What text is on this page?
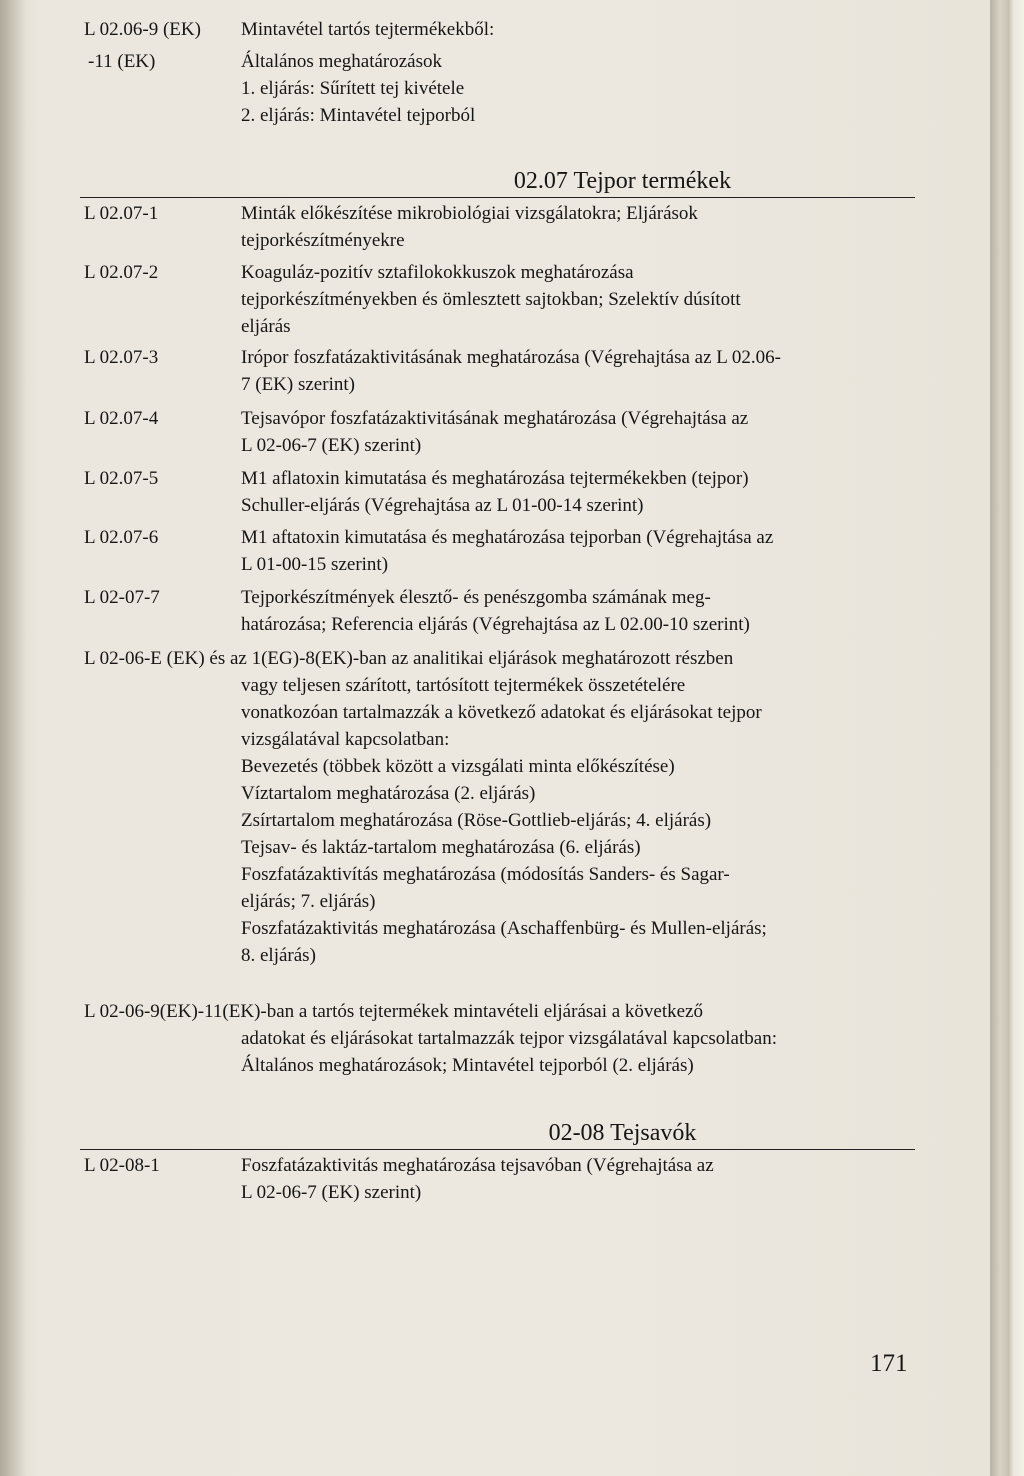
L 02.06-9 (EK) Mintavétel tartós tejtermékekből:
-11 (EK)	Általános meghatározások
1. eljárás: Sűrített tej kivétele
2. eljárás: Mintavétel tejporból
02.07 Tejpor termékek
L 02.07-1	Minták előkészítése mikrobiológiai vizsgálatokra; Eljárások
tejporkészítményekre
L 02.07-2	Koaguláz-pozitív sztafilokokkuszok meghatározása
tejporkészítményekben és ömlesztett sajtokban; Szelektív dúsított
eljárás
L 02.07-3	Irópor foszfatázaktivitásának meghatározása (Végrehajtása az L 02.06-
7 (EK) szerint)
L 02.07-4	Tejsavópor foszfatázaktivitásának meghatározása (Végrehajtása az
L 02-06-7 (EK) szerint)
L 02.07-5	M1 aflatoxin kimutatása és meghatározása tejtermékekben (tejpor)
Schuller-eljárás (Végrehajtása az L 01-00-14 szerint)
L 02.07-6	M1 aftatoxin kimutatása és meghatározása tejporban (Végrehajtása az
L 01-00-15 szerint)
L 02-07-7	Tejporkészítmények élesztő- és penészgomba számának meg-
határozása; Referencia eljárás (Végrehajtása az L 02.00-10 szerint)
L 02-06-E (EK) és az 1(EG)-8(EK)-ban az analitikai eljárások meghatározott részben
vagy teljesen szárított, tartósított tejtermékek összetételére
vonatkozóan tartalmazzák a következő adatokat és eljárásokat tejpor
vizsgálatával kapcsolatban:
Bevezetés (többek között a vizsgálati minta előkészítése)
Víztartalom meghatározása (2. eljárás)
Zsírtartalom meghatározása (Röse-Gottlieb-eljárás; 4. eljárás)
Tejsav- és laktáz-tartalom meghatározása (6. eljárás)
Foszfatázaktivítás meghatározása (módosítás Sanders- és Sagar-
eljárás; 7. eljárás)
Foszfatázaktivitás meghatározása (Aschaffenbürg- és Mullen-eljárás;
8. eljárás)
L 02-06-9(EK)-11(EK)-ban a tartós tejtermékek mintavételi eljárásai a következő
adatokat és eljárásokat tartalmazzák tejpor vizsgálatával kapcsolatban:
Általános meghatározások; Mintavétel tejporból (2. eljárás)
02-08 Tejsavók
L 02-08-1	Foszfatázaktivitás meghatározása tejsavóban (Végrehajtása az
L 02-06-7 (EK) szerint)
171
